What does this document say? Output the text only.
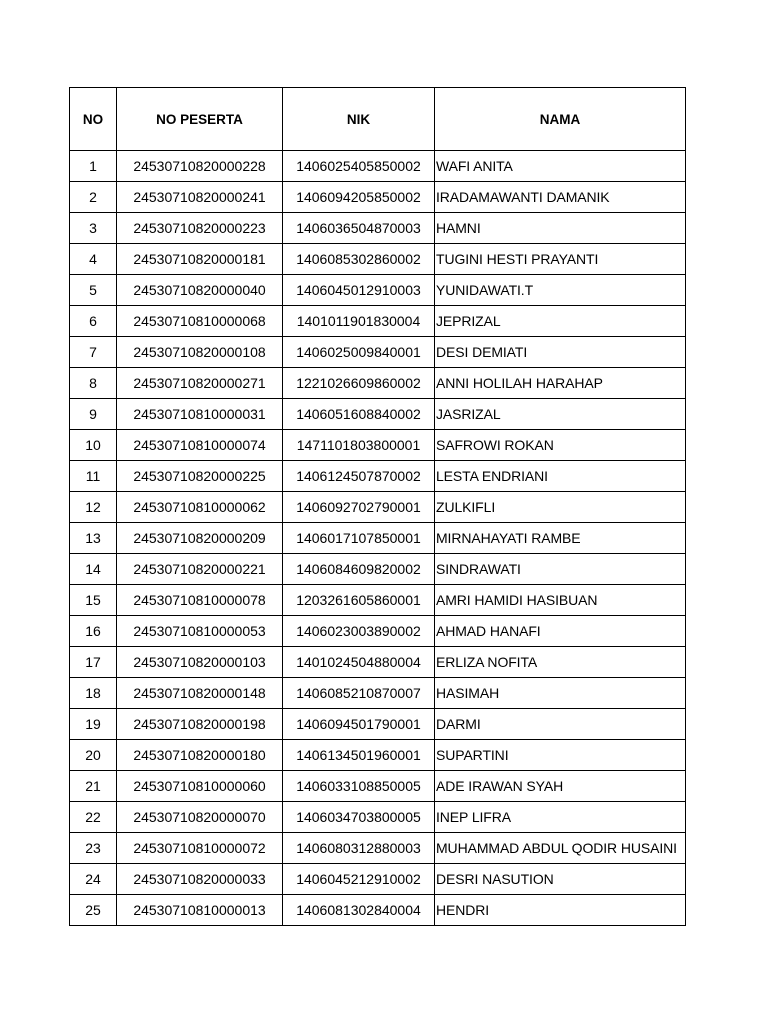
NO	NO PESERTA	NIK	NAMA
1	24530710820000228	1406025405850002	WAFI ANITA
2	24530710820000241	1406094205850002	IRADAMAWANTI DAMANIK
3	24530710820000223	1406036504870003	HAMNI
4	24530710820000181	1406085302860002	TUGINI HESTI PRAYANTI
5	24530710820000040	1406045012910003	YUNIDAWATI.T
6	24530710810000068	1401011901830004	JEPRIZAL
7	24530710820000108	1406025009840001	DESI DEMIATI
8	24530710820000271	1221026609860002	ANNI HOLILAH HARAHAP
9	24530710810000031	1406051608840002	JASRIZAL
10	24530710810000074	1471101803800001	SAFROWI ROKAN
11	24530710820000225	1406124507870002	LESTA ENDRIANI
12	24530710810000062	1406092702790001	ZULKIFLI
13	24530710820000209	1406017107850001	MIRNAHAYATI RAMBE
14	24530710820000221	1406084609820002	SINDRAWATI
15	24530710810000078	1203261605860001	AMRI HAMIDI HASIBUAN
16	24530710810000053	1406023003890002	AHMAD HANAFI
17	24530710820000103	1401024504880004	ERLIZA NOFITA
18	24530710820000148	1406085210870007	HASIMAH
19	24530710820000198	1406094501790001	DARMI
20	24530710820000180	1406134501960001	SUPARTINI
21	24530710810000060	1406033108850005	ADE IRAWAN SYAH
22	24530710820000070	1406034703800005	INEP LIFRA
23	24530710810000072	1406080312880003	MUHAMMAD ABDUL QODIR HUSAINI
24	24530710820000033	1406045212910002	DESRI NASUTION
25	24530710810000013	1406081302840004	HENDRI
